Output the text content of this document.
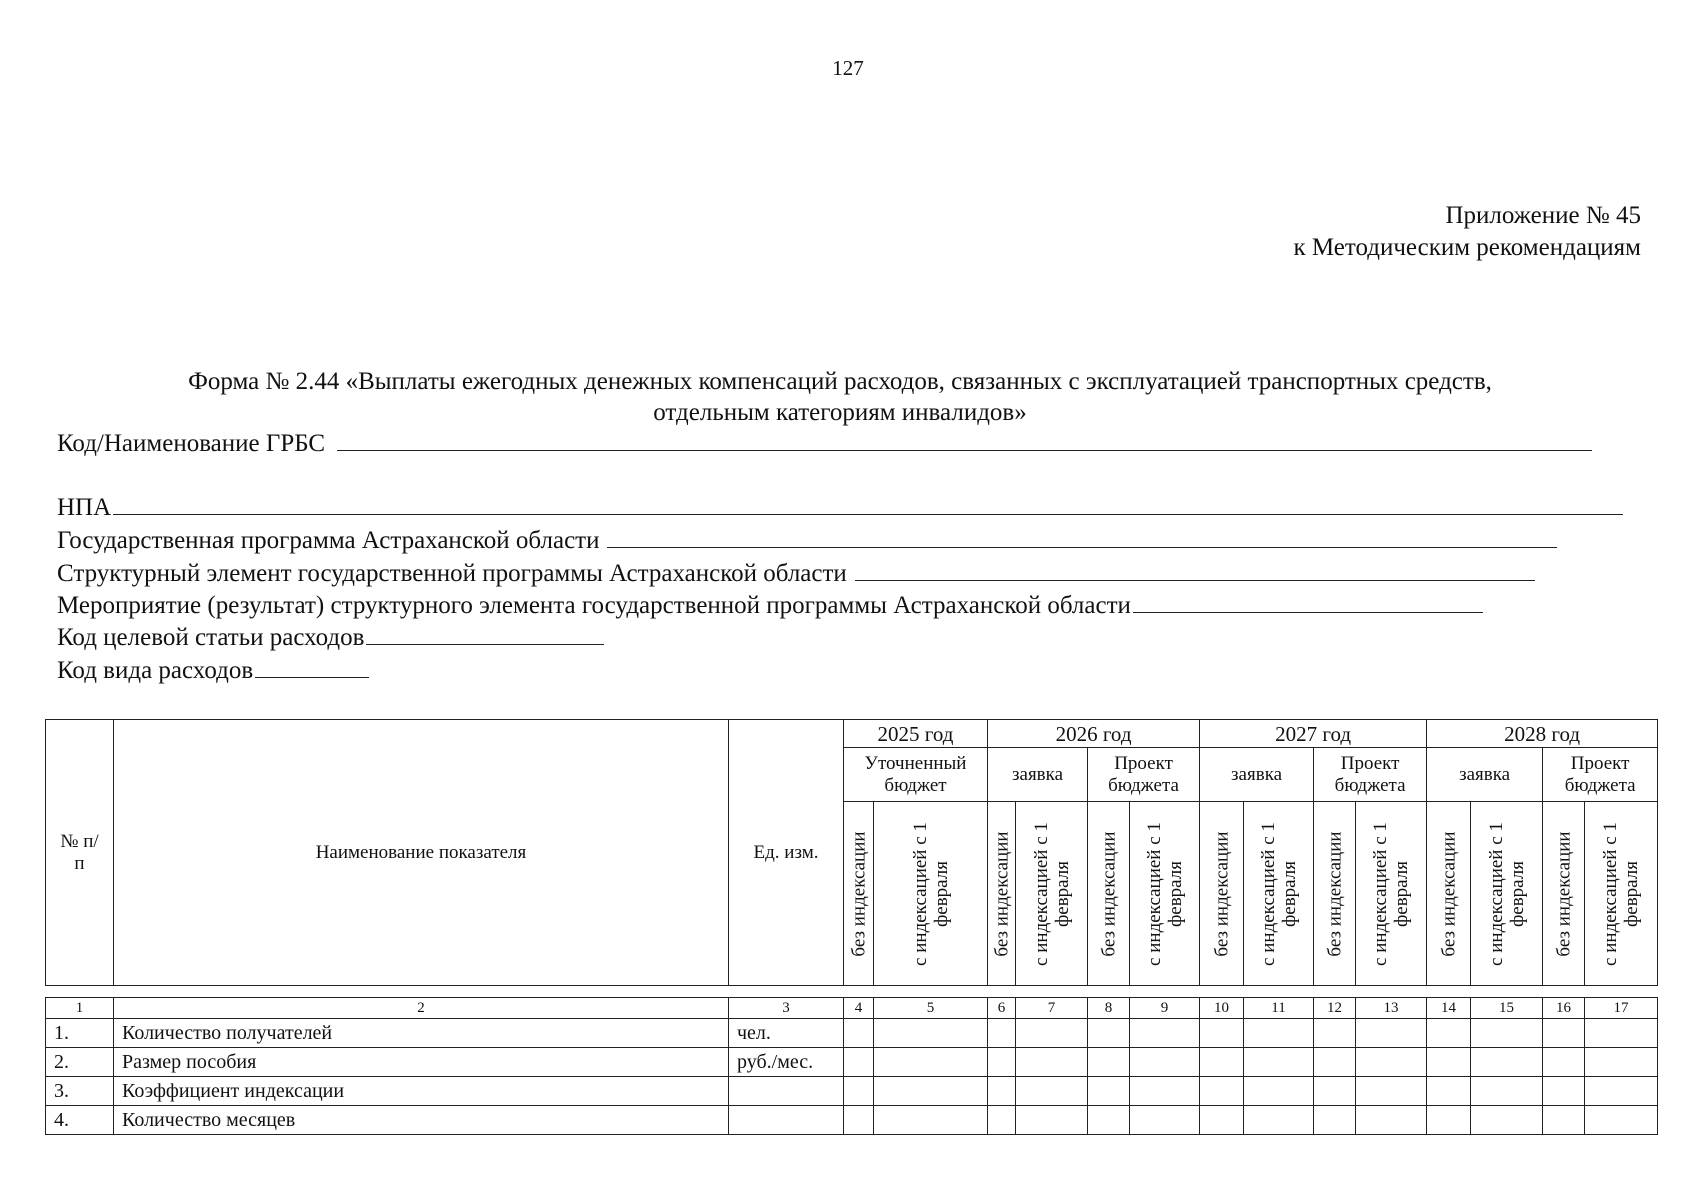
127
Приложение № 45
к Методическим рекомендациям
Форма № 2.44 «Выплаты ежегодных денежных компенсаций расходов, связанных с эксплуатацией транспортных средств,
отдельным категориям инвалидов»
Код/Наименование ГРБС
НПА
Государственная программа Астраханской области
Структурный элемент государственной программы Астраханской области
Мероприятие (результат) структурного элемента государственной программы Астраханской области
Код целевой статьи расходов
Код вида расходов
№ п/п	Наименование показателя	Ед. изм.	2025 год		2026 год				2027 год				2028 год			
			Уточненный бюджет		заявка		Проект бюджета		заявка		Проект бюджета		заявка		Проект бюджета	

			без индексации	с индексацией с 1 февраля	без индексации	с индексацией с 1 февраля	без индексации	с индексацией с 1 февраля	без индексации	с индексацией с 1 февраля	без индексации	с индексацией с 1 февраля	без индексации	с индексацией с 1 февраля	без индексации	с индексацией с 1 февраля
1	2	3	4	5	6	7	8	9	10	11	12	13	14	15	16	17
1.	Количество получателей	чел.														
2.	Размер пособия	руб./мес.														
3.	Коэффициент индексации															
4.	Количество месяцев															
